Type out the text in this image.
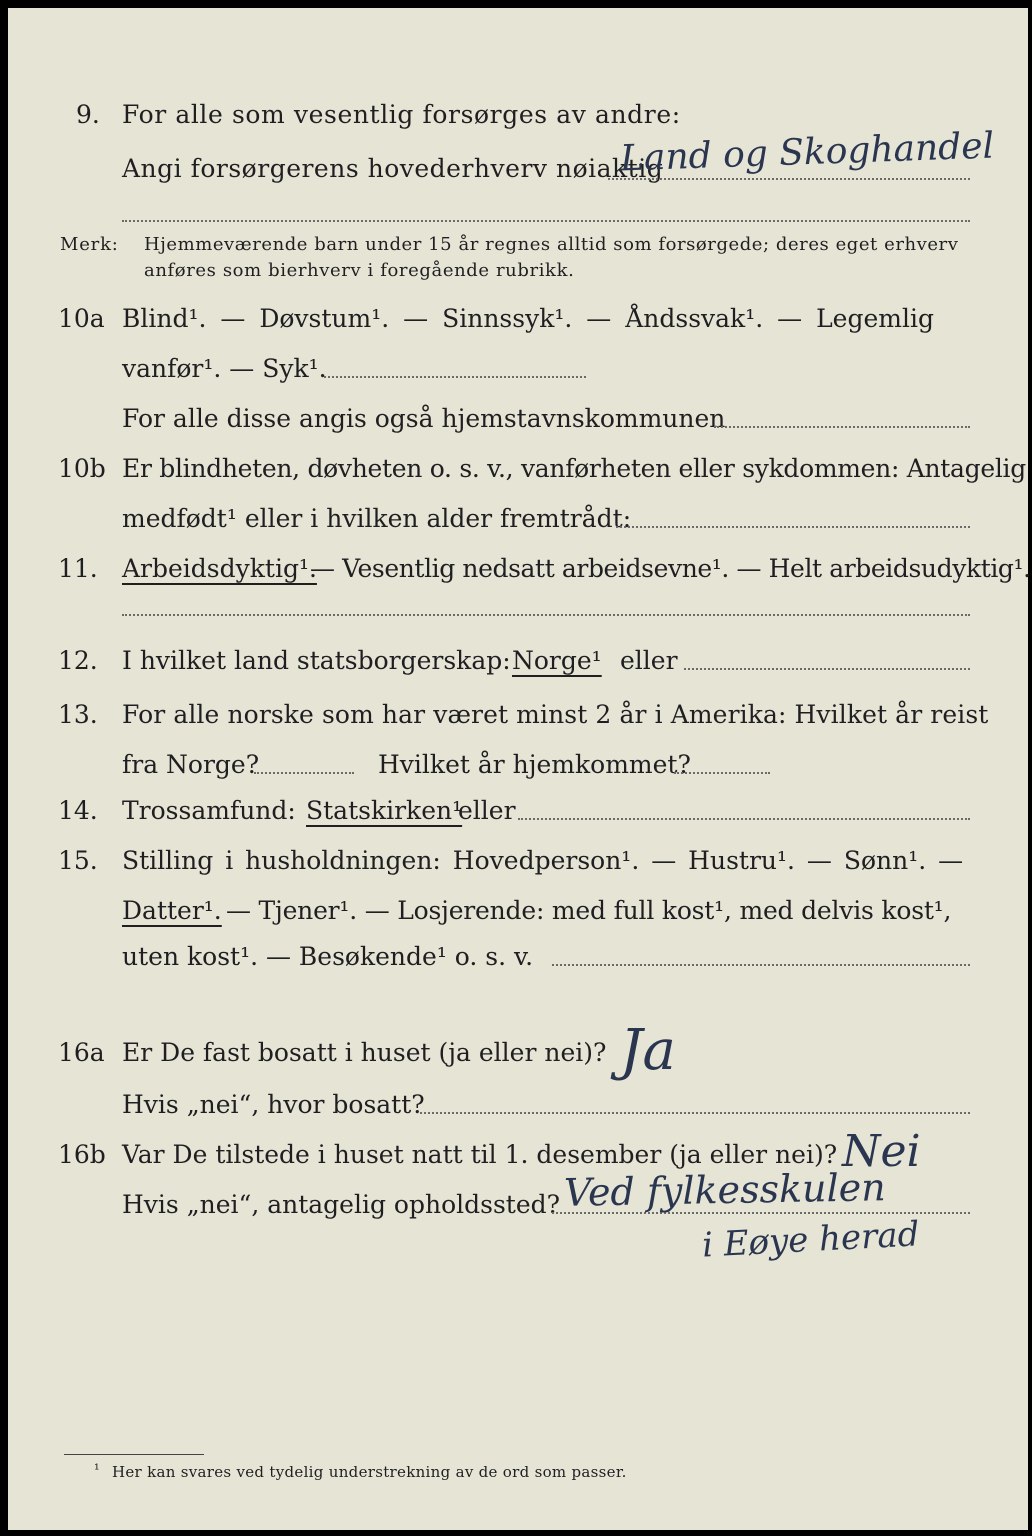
9. For alle som vesentlig forsørges av andre:
Angi forsørgerens hovederhverv nøiaktig
Land og Skoghandel
Merk: Hjemmeværende barn under 15 år regnes alltid som forsørgede; deres eget erhverv
anføres som bierhverv i foregående rubrikk.
10a Blind¹. — Døvstum¹. — Sinnssyk¹. — Åndssvak¹. — Legemlig
vanfør¹. — Syk¹.
For alle disse angis også hjemstavnskommunen
10b Er blindheten, døvheten o. s. v., vanførheten eller sykdommen: Antagelig
medfødt¹ eller i hvilken alder fremtrådt:
11. Arbeidsdyktig¹.
— Vesentlig nedsatt arbeidsevne¹. — Helt arbeidsudyktig¹.
12. I hvilket land statsborgerskap: Norge¹ eller
13. For alle norske som har været minst 2 år i Amerika: Hvilket år reist
fra Norge?	Hvilket år hjemkommet?
14. Trossamfund: Statskirken¹
eller
15. Stilling i husholdningen: Hovedperson¹. — Hustru¹. — Sønn¹. —
Datter¹. — Tjener¹. — Losjerende: med full kost¹, med delvis kost¹,
uten kost¹. — Besøkende¹ o. s. v.
16a Er De fast bosatt i huset (ja eller nei)? Ja
Hvis „nei“, hvor bosatt?
16b Var De tilstede i huset natt til 1. desember (ja eller nei)? Nei
Hvis „nei“, antagelig opholdssted? Ved fylkesskulen
i Eøye herad
¹ Her kan svares ved tydelig understrekning av de ord som passer.
